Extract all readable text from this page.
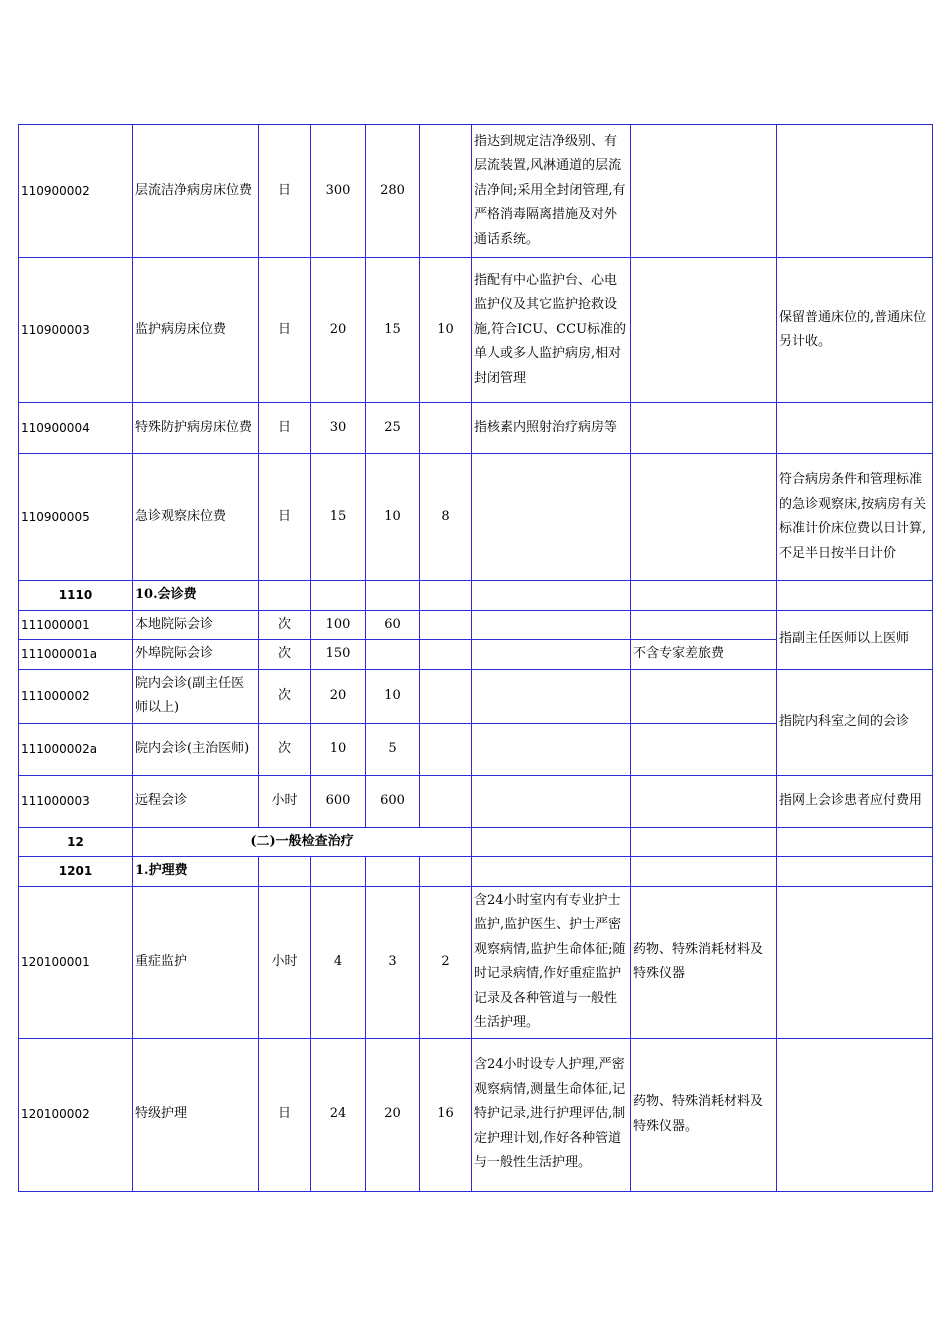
110900002	层流洁净病房床位费	日	300	280		指达到规定洁净级别、有层流装置,风淋通道的层流洁净间;采用全封闭管理,有严格消毒隔离措施及对外通话系统。		
110900003	监护病房床位费	日	20	15	10	指配有中心监护台、心电监护仪及其它监护抢救设施,符合ICU、CCU标准的单人或多人监护病房,相对封闭管理		保留普通床位的,普通床位另计收。
110900004	特殊防护病房床位费	日	30	25		指核素内照射治疗病房等		
110900005	急诊观察床位费	日	15	10	8			符合病房条件和管理标准的急诊观察床,按病房有关标准计价床位费以日计算,不足半日按半日计价
1110	10.会诊费							
111000001	本地院际会诊	次	100	60				指副主任医师以上医师
111000001a	外埠院际会诊	次	150				不含专家差旅费	
111000002	院内会诊(副主任医师以上)	次	20	10				指院内科室之间的会诊
111000002a	院内会诊(主治医师)	次	10	5				
111000003	远程会诊	小时	600	600				指网上会诊患者应付费用
12	(二)一般检查治疗							
1201	1.护理费							
120100001	重症监护	小时	4	3	2	含24小时室内有专业护士监护,监护医生、护士严密观察病情,监护生命体征;随时记录病情,作好重症监护记录及各种管道与一般性生活护理。	药物、特殊消耗材料及特殊仪器	
120100002	特级护理	日	24	20	16	含24小时设专人护理,严密观察病情,测量生命体征,记特护记录,进行护理评估,制定护理计划,作好各种管道与一般性生活护理。	药物、特殊消耗材料及特殊仪器。	
